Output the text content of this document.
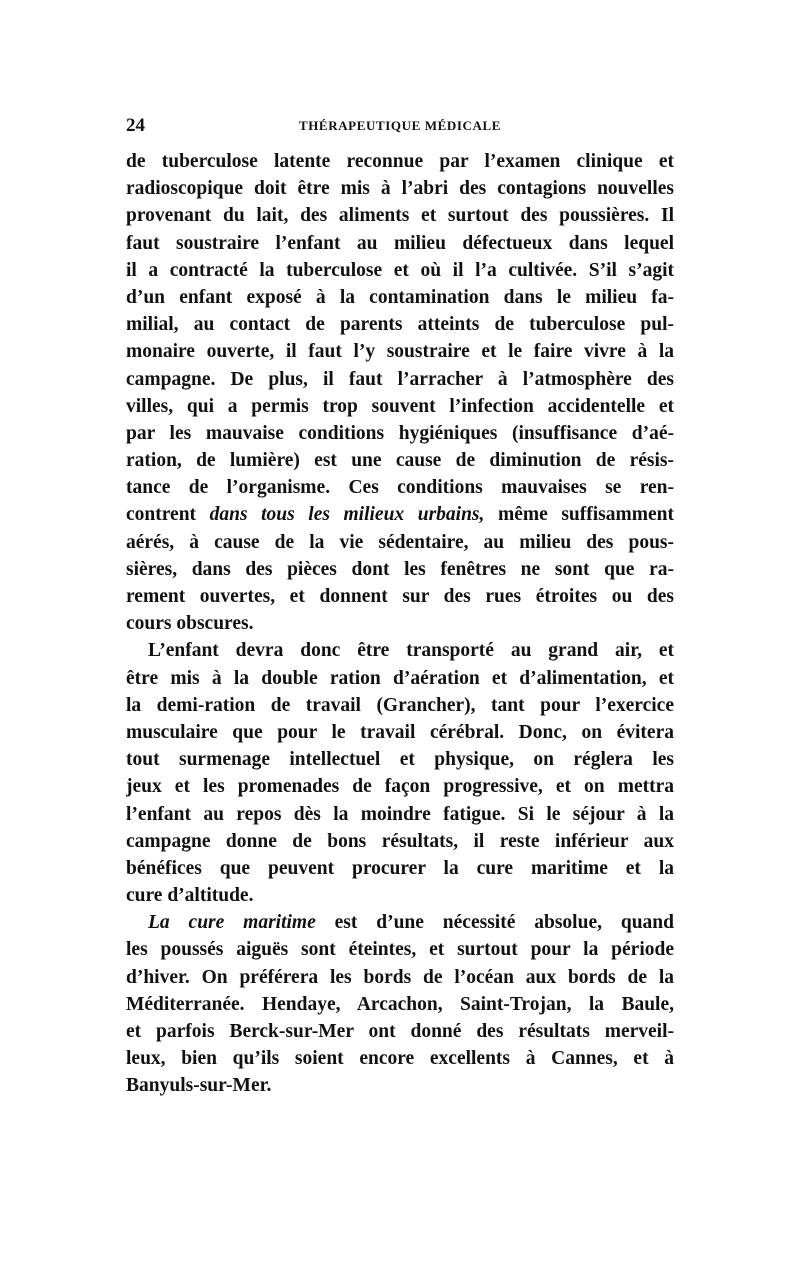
24	THÉRAPEUTIQUE MÉDICALE
de tuberculose latente reconnue par l’examen clinique et
radioscopique doit être mis à l’abri des contagions nouvelles
provenant du lait, des aliments et surtout des poussières. Il
faut soustraire l’enfant au milieu défectueux dans lequel
il a contracté la tuberculose et où il l’a cultivée. S’il s’agit
d’un enfant exposé à la contamination dans le milieu fa-
milial, au contact de parents atteints de tuberculose pul-
monaire ouverte, il faut l’y soustraire et le faire vivre à la
campagne. De plus, il faut l’arracher à l’atmosphère des
villes, qui a permis trop souvent l’infection accidentelle et
par les mauvaise conditions hygiéniques (insuffisance d’aé-
ration, de lumière) est une cause de diminution de résis-
tance de l’organisme. Ces conditions mauvaises se ren-
contrent dans tous les milieux urbains, même suffisamment
aérés, à cause de la vie sédentaire, au milieu des pous-
sières, dans des pièces dont les fenêtres ne sont que ra-
rement ouvertes, et donnent sur des rues étroites ou des
cours obscures.
L’enfant devra donc être transporté au grand air, et
être mis à la double ration d’aération et d’alimentation, et
la demi-ration de travail (Grancher), tant pour l’exercice
musculaire que pour le travail cérébral. Donc, on évitera
tout surmenage intellectuel et physique, on réglera les
jeux et les promenades de façon progressive, et on mettra
l’enfant au repos dès la moindre fatigue. Si le séjour à la
campagne donne de bons résultats, il reste inférieur aux
bénéfices que peuvent procurer la cure maritime et la
cure d’altitude.
La cure maritime est d’une nécessité absolue, quand
les poussés aiguës sont éteintes, et surtout pour la période
d’hiver. On préférera les bords de l’océan aux bords de la
Méditerranée. Hendaye, Arcachon, Saint-Trojan, la Baule,
et parfois Berck-sur-Mer ont donné des résultats merveil-
leux, bien qu’ils soient encore excellents à Cannes, et à
Banyuls-sur-Mer.
